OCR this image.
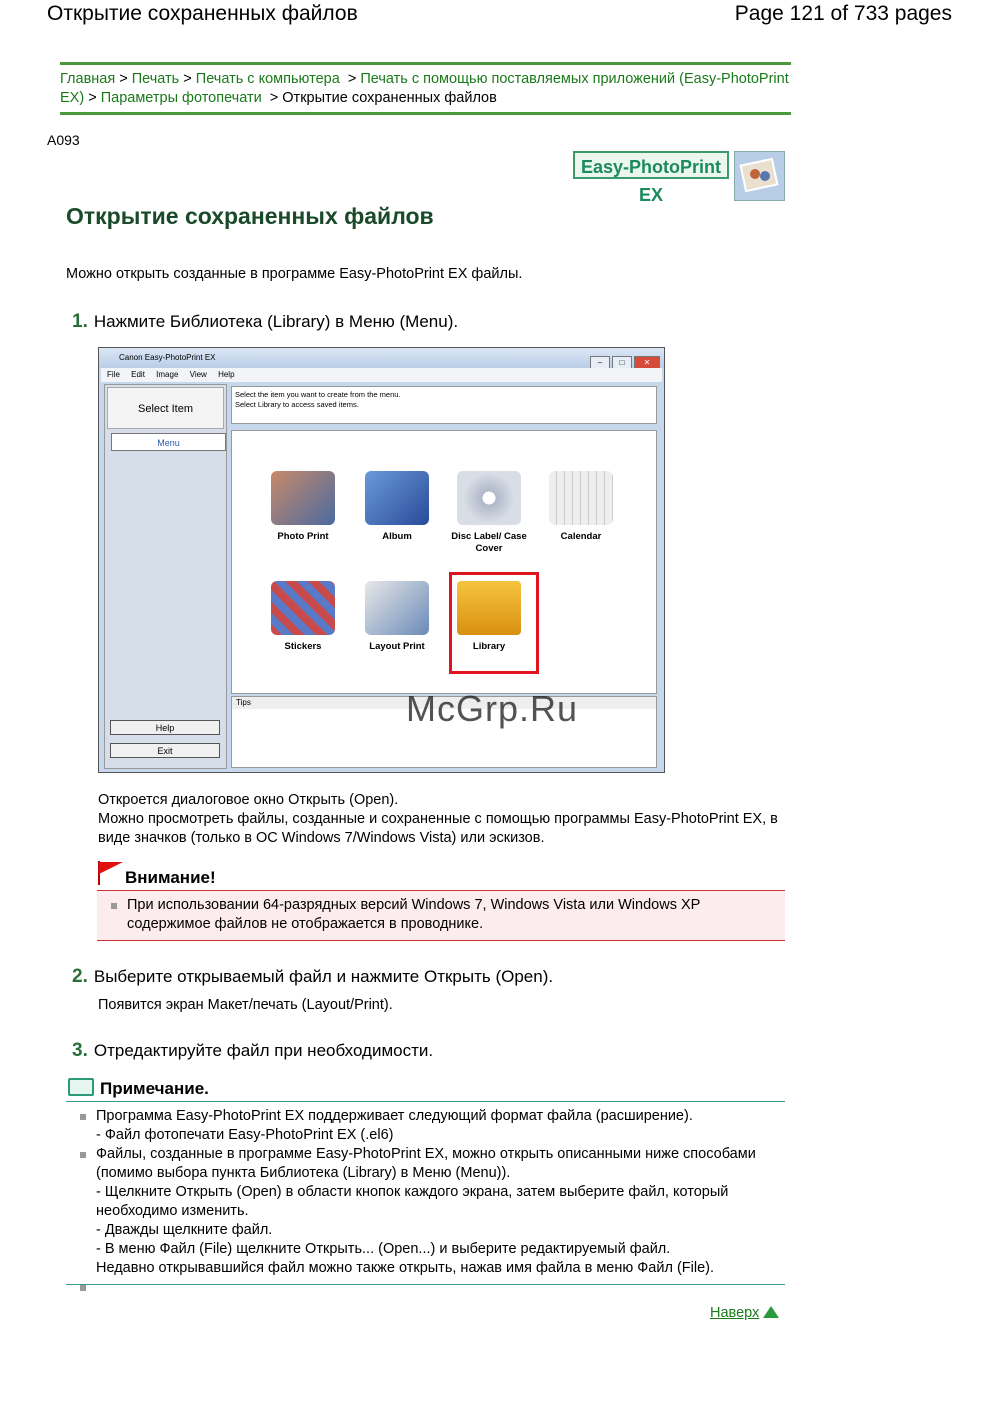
Открытие сохраненных файлов	Page 121 of 733 pages
Главная > Печать > Печать с компьютера  > Печать с помощью поставляемых приложений (Easy-PhotoPrint EX) > Параметры фотопечати  > Открытие сохраненных файлов
A093
Easy-PhotoPrint EX
Открытие сохраненных файлов
Можно открыть созданные в программе Easy-PhotoPrint EX файлы.
1. Нажмите Библиотека (Library) в Меню (Menu).
Canon Easy-PhotoPrint EX
– □ ✕
File Edit Image View Help
Select Item
Menu
Help
Exit
Select the item you want to create from the menu.
Select Library to access saved items.
Photo Print	Album	Disc Label/ Case Cover
Calendar
Stickers	Layout Print	Library
Tips	McGrp.Ru
Откроется диалоговое окно Открыть (Open).
Можно просмотреть файлы, созданные и сохраненные с помощью программы Easy-PhotoPrint EX, в виде значков (только в ОС Windows 7/Windows Vista) или эскизов.
Внимание!
При использовании 64-разрядных версий Windows 7, Windows Vista или Windows XP содержимое файлов не отображается в проводнике.
2. Выберите открываемый файл и нажмите Открыть (Open).
Появится экран Макет/печать (Layout/Print).
3. Отредактируйте файл при необходимости.
Примечание.
Программа Easy-PhotoPrint EX поддерживает следующий формат файла (расширение).
- Файл фотопечати Easy-PhotoPrint EX (.el6)
Файлы, созданные в программе Easy-PhotoPrint EX, можно открыть описанными ниже способами (помимо выбора пункта Библиотека (Library) в Меню (Menu)).
- Щелкните Открыть (Open) в области кнопок каждого экрана, затем выберите файл, который необходимо изменить.
- Дважды щелкните файл.
- В меню Файл (File) щелкните Открыть... (Open...) и выберите редактируемый файл.
Недавно открывавшийся файл можно также открыть, нажав имя файла в меню Файл (File).
Наверх
